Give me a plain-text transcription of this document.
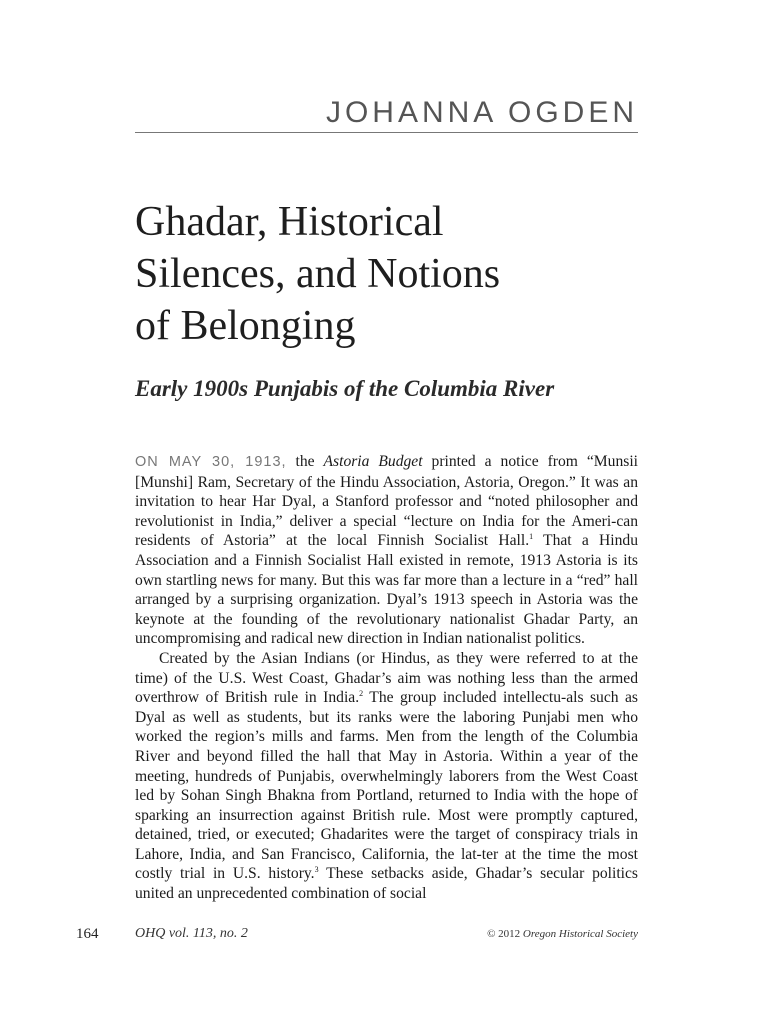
JOHANNA OGDEN
Ghadar, Historical
Silences, and Notions
of Belonging
Early 1900s Punjabis of the Columbia River

ON MAY 30, 1913, the Astoria Budget printed a notice from “Munsii [Munshi] Ram, Secretary of the Hindu Association, Astoria, Oregon.” It was an invitation to hear Har Dyal, a Stanford professor and “noted philosopher and revolutionist in India,” deliver a special “lecture on India for the Ameri-can residents of Astoria” at the local Finnish Socialist Hall.$^1$ That a Hindu Association and a Finnish Socialist Hall existed in remote, 1913 Astoria is its own startling news for many. But this was far more than a lecture in a “red” hall arranged by a surprising organization. Dyal’s 1913 speech in Astoria was the keynote at the founding of the revolutionary nationalist Ghadar Party, an uncompromising and radical new direction in Indian nationalist politics.

Created by the Asian Indians (or Hindus, as they were referred to at the time) of the U.S. West Coast, Ghadar’s aim was nothing less than the armed overthrow of British rule in India.$^2$ The group included intellectu-als such as Dyal as well as students, but its ranks were the laboring Punjabi men who worked the region’s mills and farms. Men from the length of the Columbia River and beyond filled the hall that May in Astoria. Within a year of the meeting, hundreds of Punjabis, overwhelmingly laborers from the West Coast led by Sohan Singh Bhakna from Portland, returned to India with the hope of sparking an insurrection against British rule. Most were promptly captured, detained, tried, or executed; Ghadarites were the target of conspiracy trials in Lahore, India, and San Francisco, California, the lat-ter at the time the most costly trial in U.S. history.$^3$ These setbacks aside, Ghadar’s secular politics united an unprecedented combination of social

164	OHQ vol. 113, no. 2	© 2012 Oregon Historical Society
